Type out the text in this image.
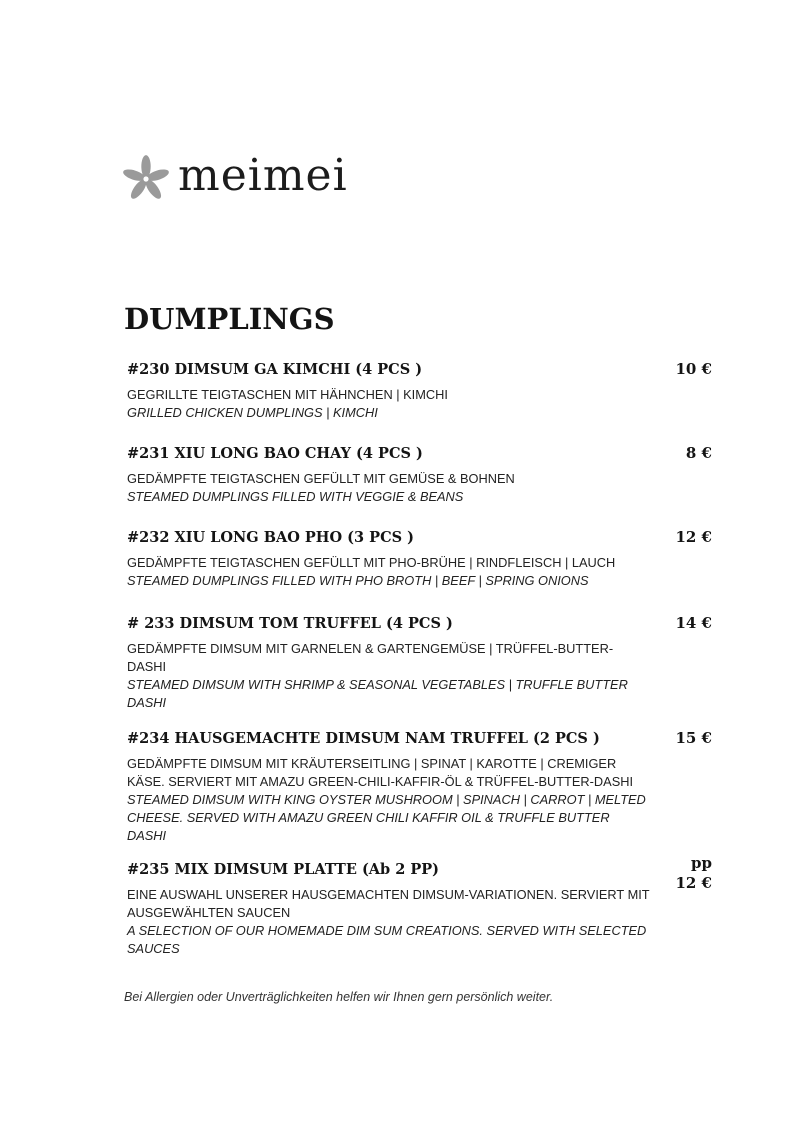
meimei
DUMPLINGS
#230 DIMSUM GA KIMCHI (4 PCS )
GEGRILLTE TEIGTASCHEN MIT HÄHNCHEN | KIMCHI
GRILLED CHICKEN DUMPLINGS | KIMCHI
10 €
#231 XIU LONG BAO CHAY (4 PCS )
GEDÄMPFTE TEIGTASCHEN GEFÜLLT MIT GEMÜSE & BOHNEN
STEAMED DUMPLINGS FILLED WITH VEGGIE & BEANS
8 €
#232 XIU LONG BAO PHO (3 PCS )
GEDÄMPFTE TEIGTASCHEN GEFÜLLT MIT PHO-BRÜHE | RINDFLEISCH | LAUCH
STEAMED DUMPLINGS FILLED WITH PHO BROTH | BEEF | SPRING ONIONS
12 €
# 233 DIMSUM TOM TRUFFEL (4 PCS )
GEDÄMPFTE DIMSUM MIT GARNELEN & GARTENGEMÜSE | TRÜFFEL-BUTTER-DASHI
STEAMED DIMSUM WITH SHRIMP & SEASONAL VEGETABLES | TRUFFLE BUTTER DASHI
14 €
#234 HAUSGEMACHTE DIMSUM NAM TRUFFEL (2 PCS )
GEDÄMPFTE DIMSUM MIT KRÄUTERSEITLING | SPINAT | KAROTTE | CREMIGER KÄSE. SERVIERT MIT AMAZU GREEN-CHILI-KAFFIR-ÖL & TRÜFFEL-BUTTER-DASHI
STEAMED DIMSUM WITH KING OYSTER MUSHROOM | SPINACH | CARROT | MELTED CHEESE. SERVED WITH AMAZU GREEN CHILI KAFFIR OIL & TRUFFLE BUTTER DASHI
15 €
#235 MIX DIMSUM PLATTE (Ab 2 PP)
EINE AUSWAHL UNSERER HAUSGEMACHTEN DIMSUM-VARIATIONEN. SERVIERT MIT AUSGEWÄHLTEN SAUCEN
A SELECTION OF OUR HOMEMADE DIM SUM CREATIONS. SERVED WITH SELECTED SAUCES
pp
12 €
Bei Allergien oder Unverträglichkeiten helfen wir Ihnen gern persönlich weiter.
